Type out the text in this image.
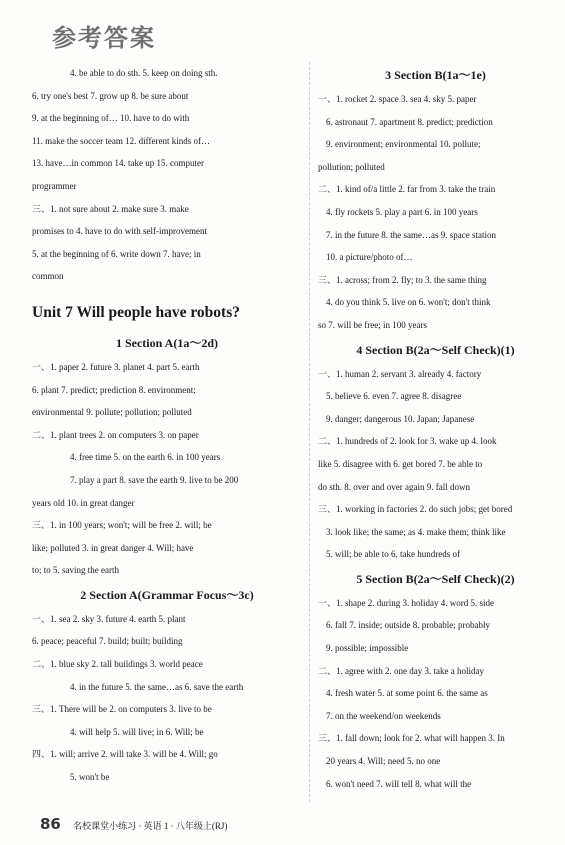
参考答案
4. be able to do sth. 5. keep on doing sth.
6. try one's best 7. grow up 8. be sure about
9. at the beginning of… 10. have to do with
11. make the soccer team 12. different kinds of…
13. have…in common 14. take up 15. computer
programmer
三、1. not sure about 2. make sure 3. make
promises to 4. have to do with self-improvement
5. at the beginning of 6. write down 7. have; in
common
Unit 7 Will people have robots?
1 Section A(1a～2d)
一、1. paper 2. future 3. planet 4. part 5. earth
6. plant 7. predict; prediction 8. environment;
environmental 9. pollute; pollution; polluted
二、1. plant trees 2. on computers 3. on paper
4. free time 5. on the earth 6. in 100 years
7. play a part 8. save the earth 9. live to be 200
years old 10. in great danger
三、1. in 100 years; won't; will be free 2. will; be
like; polluted 3. in great danger 4. Will; have
to; to 5. saving the earth
2 Section A(Grammar Focus～3c)
一、1. sea 2. sky 3. future 4. earth 5. plant
6. peace; peaceful 7. build; built; building
二、1. blue sky 2. tall buildings 3. world peace
4. in the future 5. the same…as 6. save the earth
三、1. There will be 2. on computers 3. live to be
4. will help 5. will live; in 6. Will; be
四、1. will; arrive 2. will take 3. will be 4. Will; go
5. won't be
3 Section B(1a～1e)
一、1. rocket 2. space 3. sea 4. sky 5. paper
6. astronaut 7. apartment 8. predict; prediction
9. environment; environmental 10. pollute;
pollution; polluted
二、1. kind of/a little 2. far from 3. take the train
4. fly rockets 5. play a part 6. in 100 years
7. in the future 8. the same…as 9. space station
10. a picture/photo of…
三、1. across; from 2. fly; to 3. the same thing
4. do you think 5. live on 6. won't; don't think
so 7. will be free; in 100 years
4 Section B(2a～Self Check)(1)
一、1. human 2. servant 3. already 4. factory
5. believe 6. even 7. agree 8. disagree
9. danger; dangerous 10. Japan; Japanese
二、1. hundreds of 2. look for 3. wake up 4. look
like 5. disagree with 6. get bored 7. be able to
do sth. 8. over and over again 9. fall down
三、1. working in factories 2. do such jobs; get bored
3. look like; the same; as 4. make them; think like
5. will; be able to 6. take hundreds of
5 Section B(2a～Self Check)(2)
一、1. shape 2. during 3. holiday 4. word 5. side
6. fall 7. inside; outside 8. probable; probably
9. possible; impossible
二、1. agree with 2. one day 3. take a holiday
4. fresh water 5. at some point 6. the same as
7. on the weekend/on weekends
三、1. fall down; look for 2. what will happen 3. In
20 years 4. Will; need 5. no one
6. won't need 7. will tell 8. what will the
86 名校课堂小练习 · 英语 1 · 八年级上(RJ)
